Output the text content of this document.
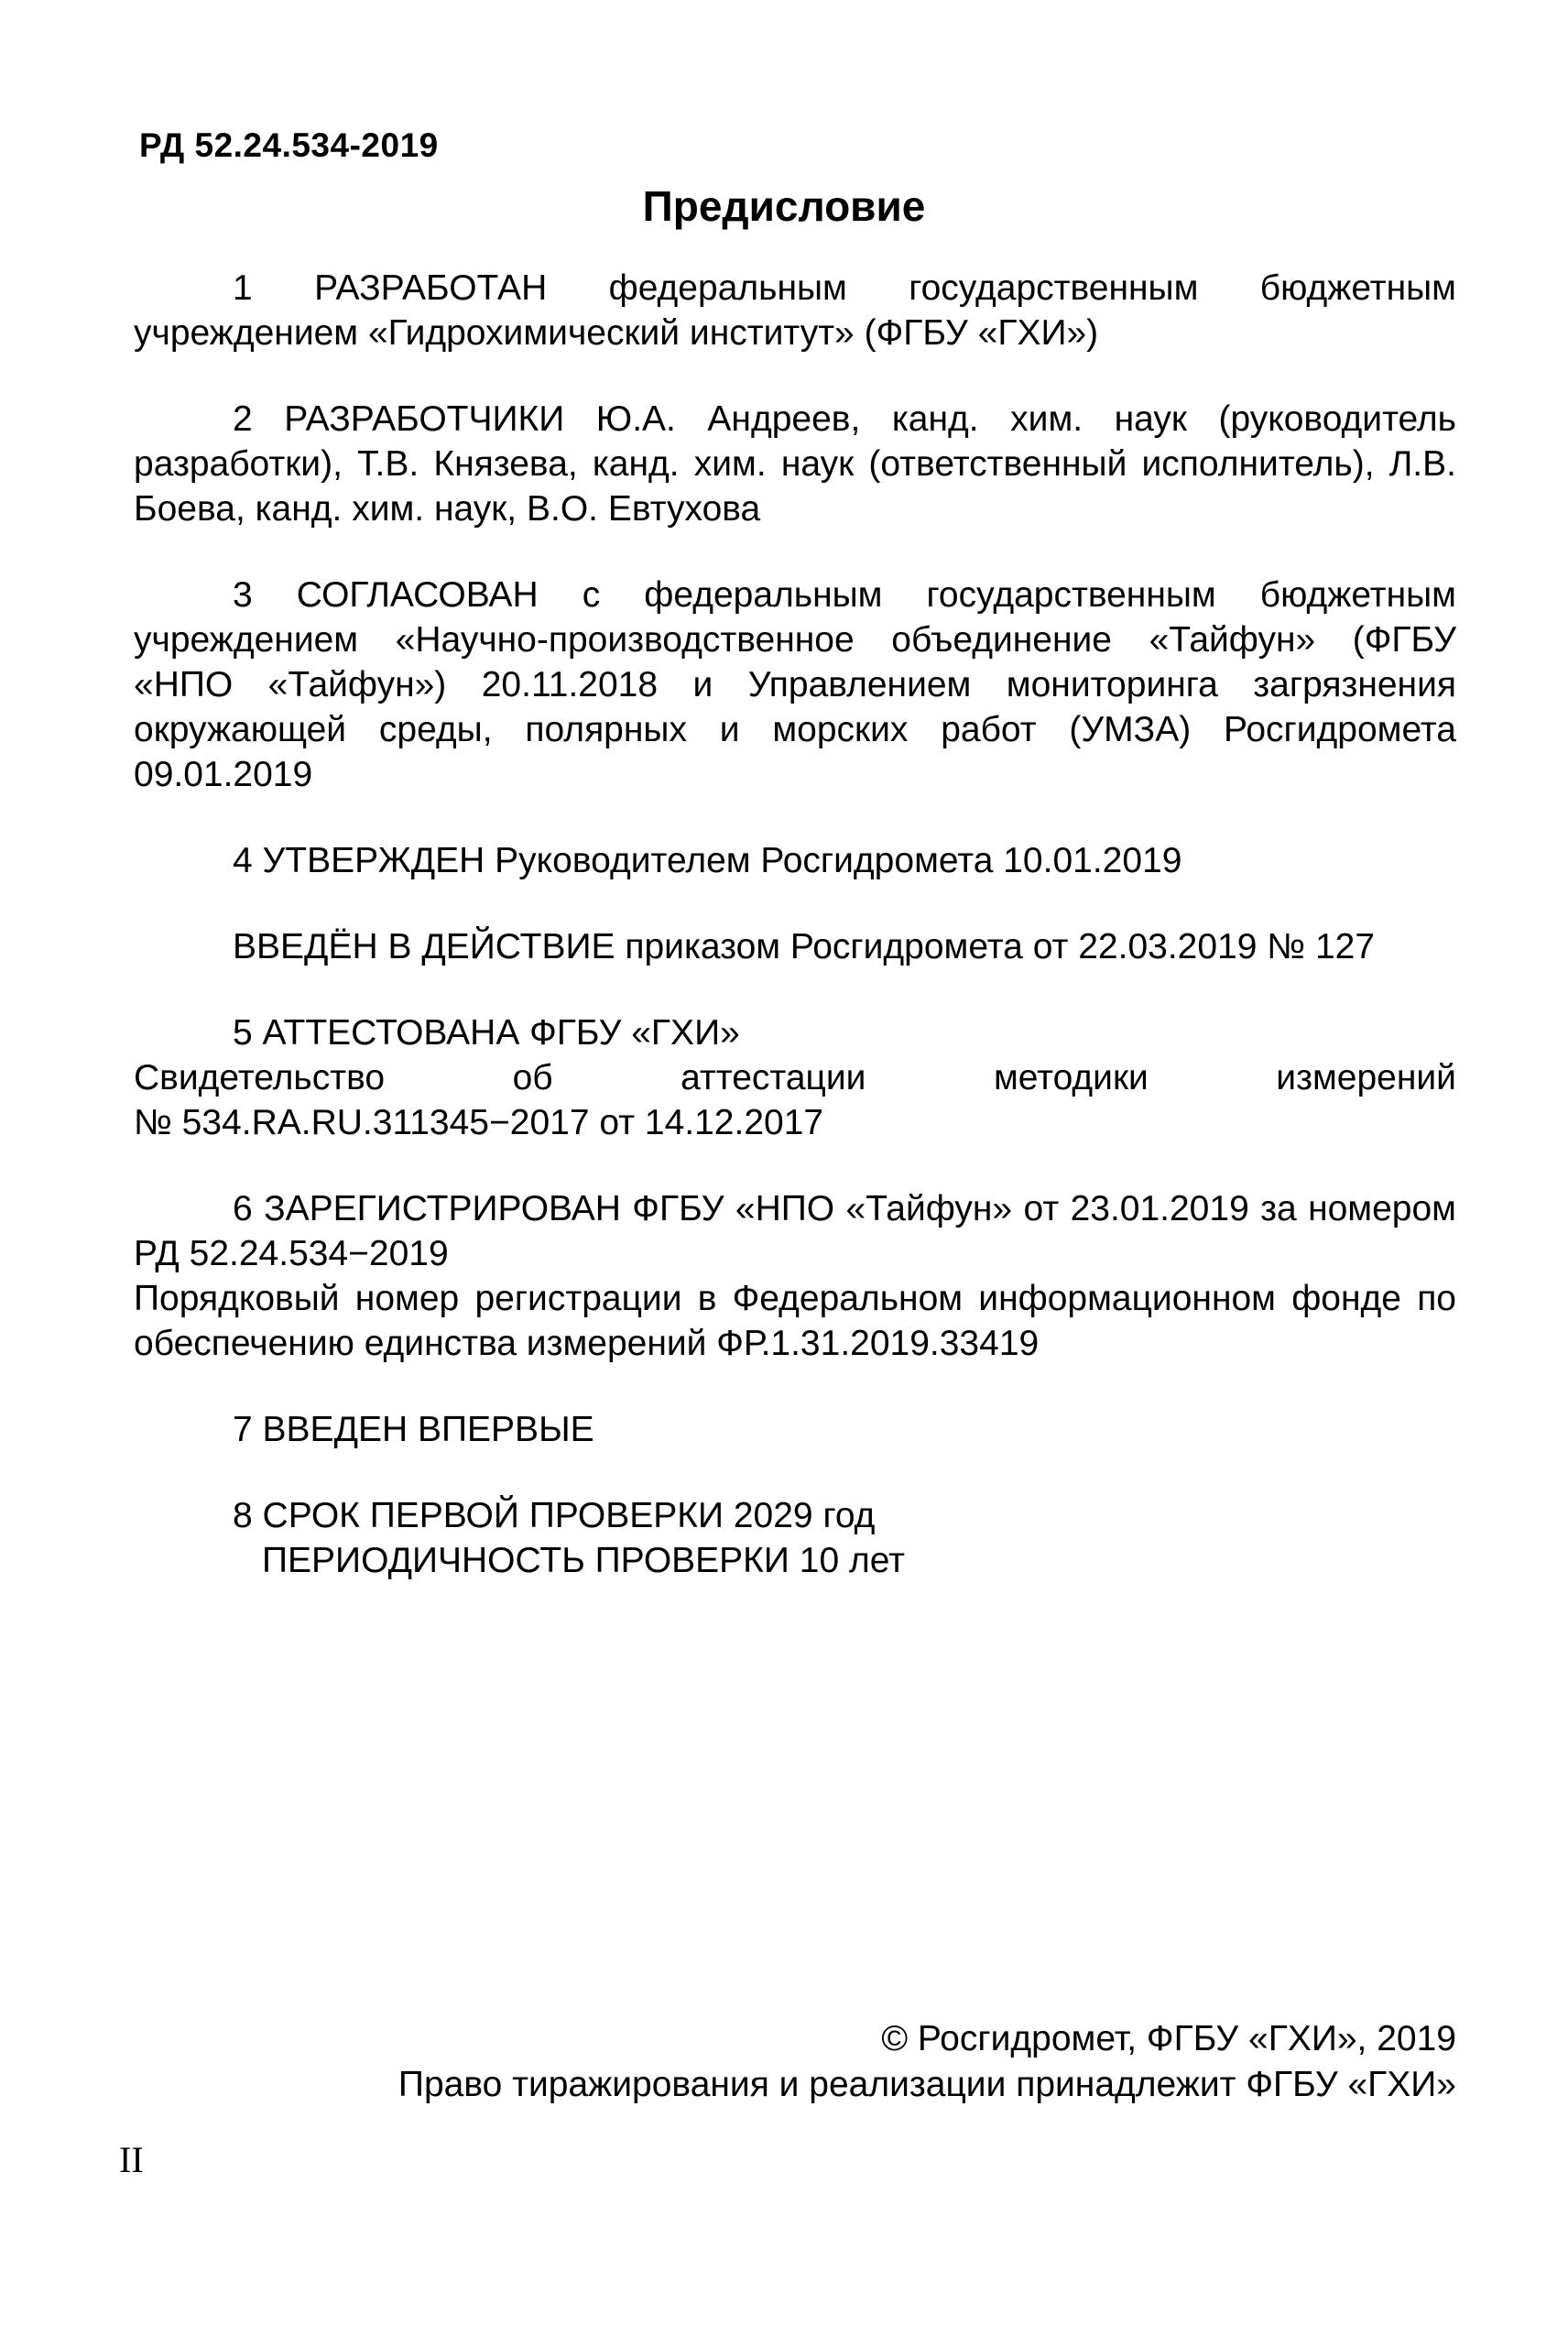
РД 52.24.534-2019
Предисловие

1 РАЗРАБОТАН федеральным государственным бюджетным учреждением «Гидрохимический институт» (ФГБУ «ГХИ»)

2 РАЗРАБОТЧИКИ Ю.А. Андреев, канд. хим. наук (руководитель разработки), Т.В. Князева, канд. хим. наук (ответственный исполнитель), Л.В. Боева, канд. хим. наук, В.О. Евтухова

3 СОГЛАСОВАН с федеральным государственным бюджетным учреждением «Научно-производственное объединение «Тайфун» (ФГБУ «НПО «Тайфун») 20.11.2018 и Управлением мониторинга загрязнения окружающей среды, полярных и морских работ (УМЗА) Росгидромета 09.01.2019

4 УТВЕРЖДЕН Руководителем Росгидромета 10.01.2019

ВВЕДЁН В ДЕЙСТВИЕ приказом Росгидромета от 22.03.2019 № 127

5 АТТЕСТОВАНА ФГБУ «ГХИ»

Свидетельство	об	аттестации	методики	измерений

№ 534.RA.RU.311345−2017 от 14.12.2017

6 ЗАРЕГИСТРИРОВАН ФГБУ «НПО «Тайфун» от 23.01.2019 за номером РД 52.24.534−2019

Порядковый номер регистрации в Федеральном информационном фонде по обеспечению единства измерений ФР.1.31.2019.33419

7 ВВЕДЕН ВПЕРВЫЕ

8 СРОК ПЕРВОЙ ПРОВЕРКИ 2029 год

ПЕРИОДИЧНОСТЬ ПРОВЕРКИ 10 лет

© Росгидромет, ФГБУ «ГХИ», 2019
Право тиражирования и реализации принадлежит ФГБУ «ГХИ»
II
